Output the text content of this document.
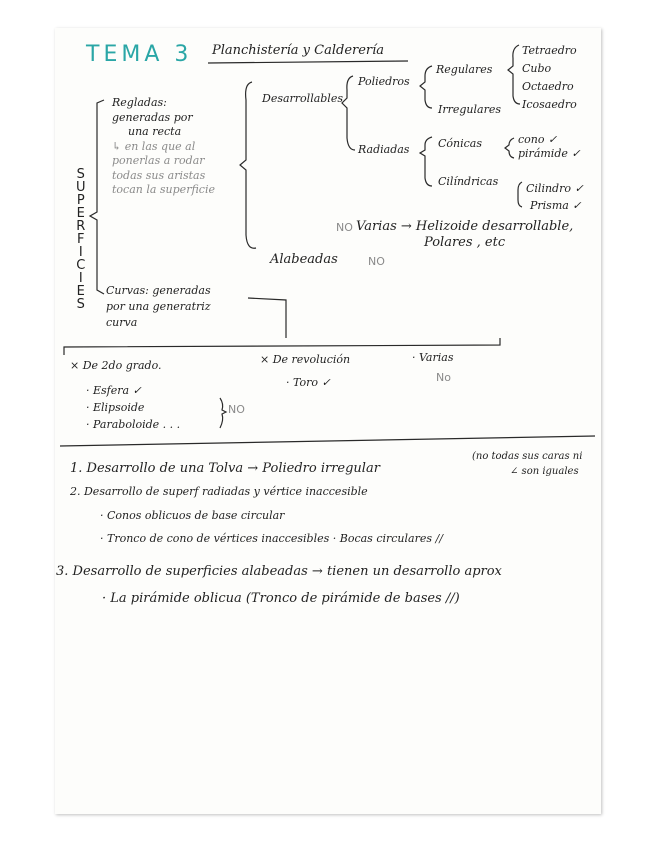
TEMA 3 Planchistería y Calderería
S
U
P
E
R
F
I
C
I
E
S
Regladas:
generadas por
una recta
↳ en las que al
ponerlas a rodar
todas sus aristas
tocan la superficie
Desarrollables
Poliedros
Regulares
Tetraedro
Cubo
Octaedro
Icosaedro
Irregulares
Radiadas	Cónicas	cono ✓
pirámide ✓
Cilíndricas
Cilindro ✓
Prisma ✓
NO Varias → Helizoide desarrollable,
Polares , etc
Alabeadas	NO
Curvas: generadas
por una generatriz
curva
× De 2do grado.
· Esfera ✓
· Elipsoide
· Paraboloide . . .
NO
× De revolución
· Toro ✓
· Varias
No
1. Desarrollo de una Tolva → Poliedro irregular
(no todas sus caras ni
∠ son iguales
2. Desarrollo de superf radiadas y vértice inaccesible
· Conos oblicuos de base circular
· Tronco de cono de vértices inaccesibles · Bocas circulares //
3. Desarrollo de superficies alabeadas → tienen un desarrollo aprox
· La pirámide oblicua (Tronco de pirámide de bases //)
